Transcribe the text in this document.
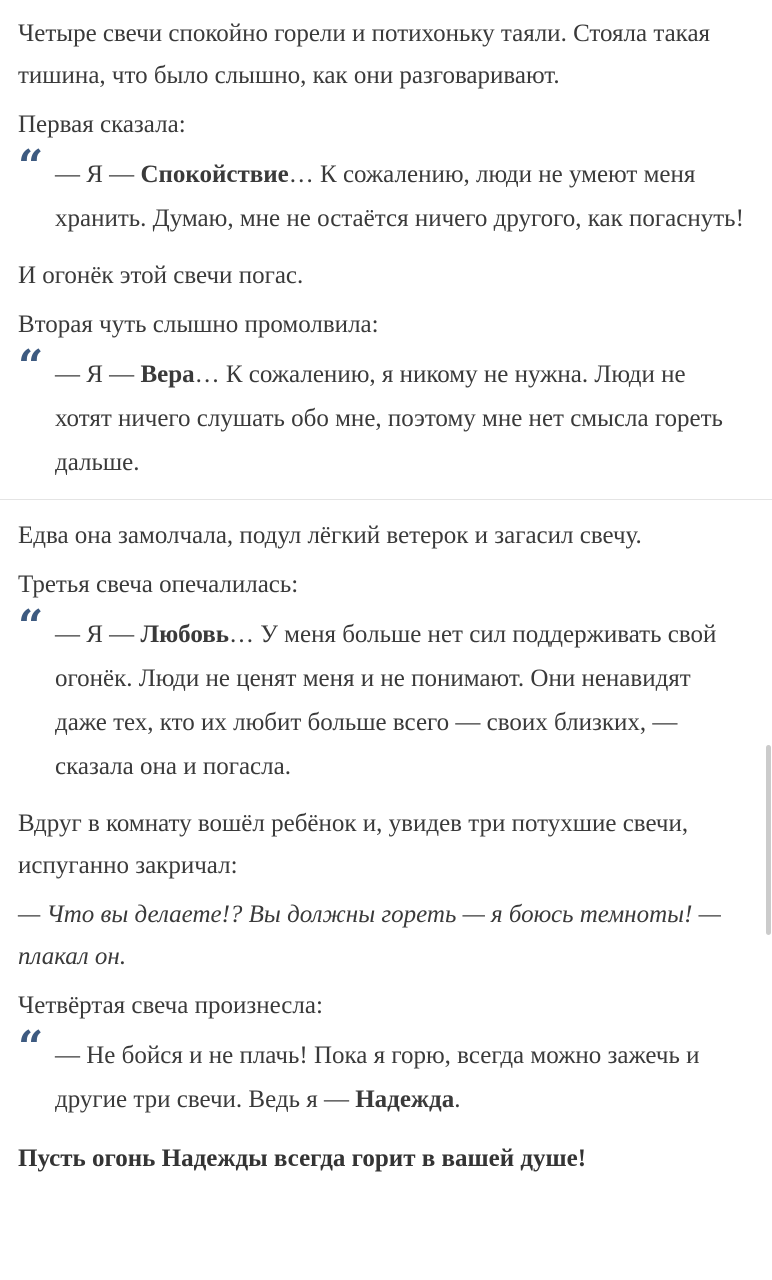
Четыре свечи спокойно горели и потихоньку таяли. Стояла такая тишина, что было слышно, как они разговаривают.

Первая сказала:

“ — Я — Спокойствие… К сожалению, люди не умеют меня хранить. Думаю, мне не остаётся ничего другого, как погаснуть!

И огонёк этой свечи погас.

Вторая чуть слышно промолвила:

“ — Я — Вера… К сожалению, я никому не нужна. Люди не хотят ничего слушать обо мне, поэтому мне нет смысла гореть дальше.

Едва она замолчала, подул лёгкий ветерок и загасил свечу.

Третья свеча опечалилась:

“ — Я — Любовь… У меня больше нет сил поддерживать свой огонёк. Люди не ценят меня и не понимают. Они ненавидят даже тех, кто их любит больше всего — своих близких, — сказала она и погасла.

Вдруг в комнату вошёл ребёнок и, увидев три потухшие свечи, испуганно закричал:

— Что вы делаете!? Вы должны гореть — я боюсь темноты! — плакал он.

Четвёртая свеча произнесла:

“ — Не бойся и не плачь! Пока я горю, всегда можно зажечь и другие три свечи. Ведь я — Надежда.

Пусть огонь Надежды всегда горит в вашей душе!
